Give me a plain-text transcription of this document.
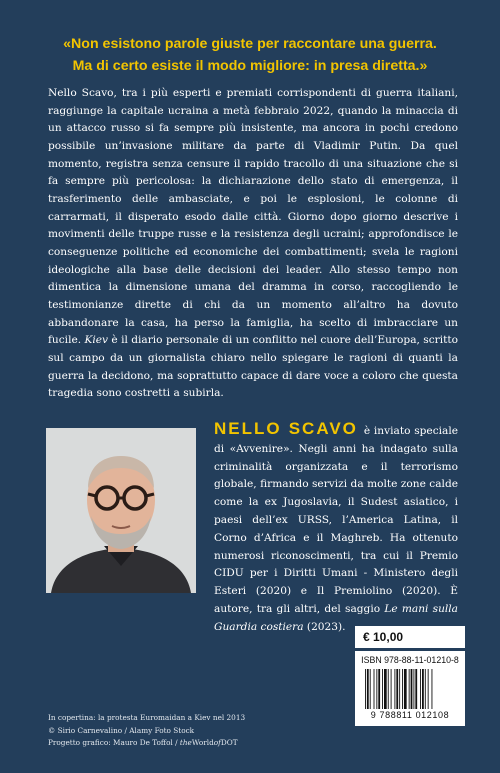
«Non esistono parole giuste per raccontare una guerra.
Ma di certo esiste il modo migliore: in presa diretta.»
Nello Scavo, tra i più esperti e premiati corrispondenti di guerra italiani, raggiunge la capitale ucraina a metà febbraio 2022, quando la minaccia di un attacco russo si fa sempre più insistente, ma ancora in pochi credono possibile un’invasione militare da parte di Vladimir Putin. Da quel momento, registra senza censure il rapido tracollo di una situazione che si fa sempre più pericolosa: la dichiarazione dello stato di emergenza, il trasferimento delle ambasciate, e poi le esplosioni, le colonne di carrarmati, il disperato esodo dalle città. Giorno dopo giorno descrive i movimenti delle truppe russe e la resistenza degli ucraini; approfondisce le conseguenze politiche ed economiche dei combattimenti; svela le ragioni ideologiche alla base delle decisioni dei leader. Allo stesso tempo non dimentica la dimensione umana del dramma in corso, raccogliendo le testimonianze dirette di chi da un momento all’altro ha dovuto abbandonare la casa, ha perso la famiglia, ha scelto di imbracciare un fucile. Kiev è il diario personale di un conflitto nel cuore dell’Europa, scritto sul campo da un giornalista chiaro nello spiegare le ragioni di quanti la guerra la decidono, ma soprattutto capace di dare voce a coloro che questa tragedia sono costretti a subirla.
NELLO SCAVO è inviato speciale di «Avvenire». Negli anni ha indagato sulla criminalità organizzata e il terrorismo globale, firmando servizi da molte zone calde come la ex Jugoslavia, il Sudest asiatico, i paesi dell’ex URSS, l’America Latina, il Corno d’Africa e il Maghreb. Ha ottenuto numerosi riconoscimenti, tra cui il Premio CIDU per i Diritti Umani - Ministero degli Esteri (2020) e Il Premiolino (2020). È autore, tra gli altri, del saggio Le mani sulla Guardia costiera (2023).
€ 10,00
ISBN 978-88-11-01210-8
9 788811 012108
In copertina: la protesta Euromaidan a Kiev nel 2013
© Sirio Carnevalino / Alamy Foto Stock
Progetto grafico: Mauro De Toffol / theWorldofDOT
